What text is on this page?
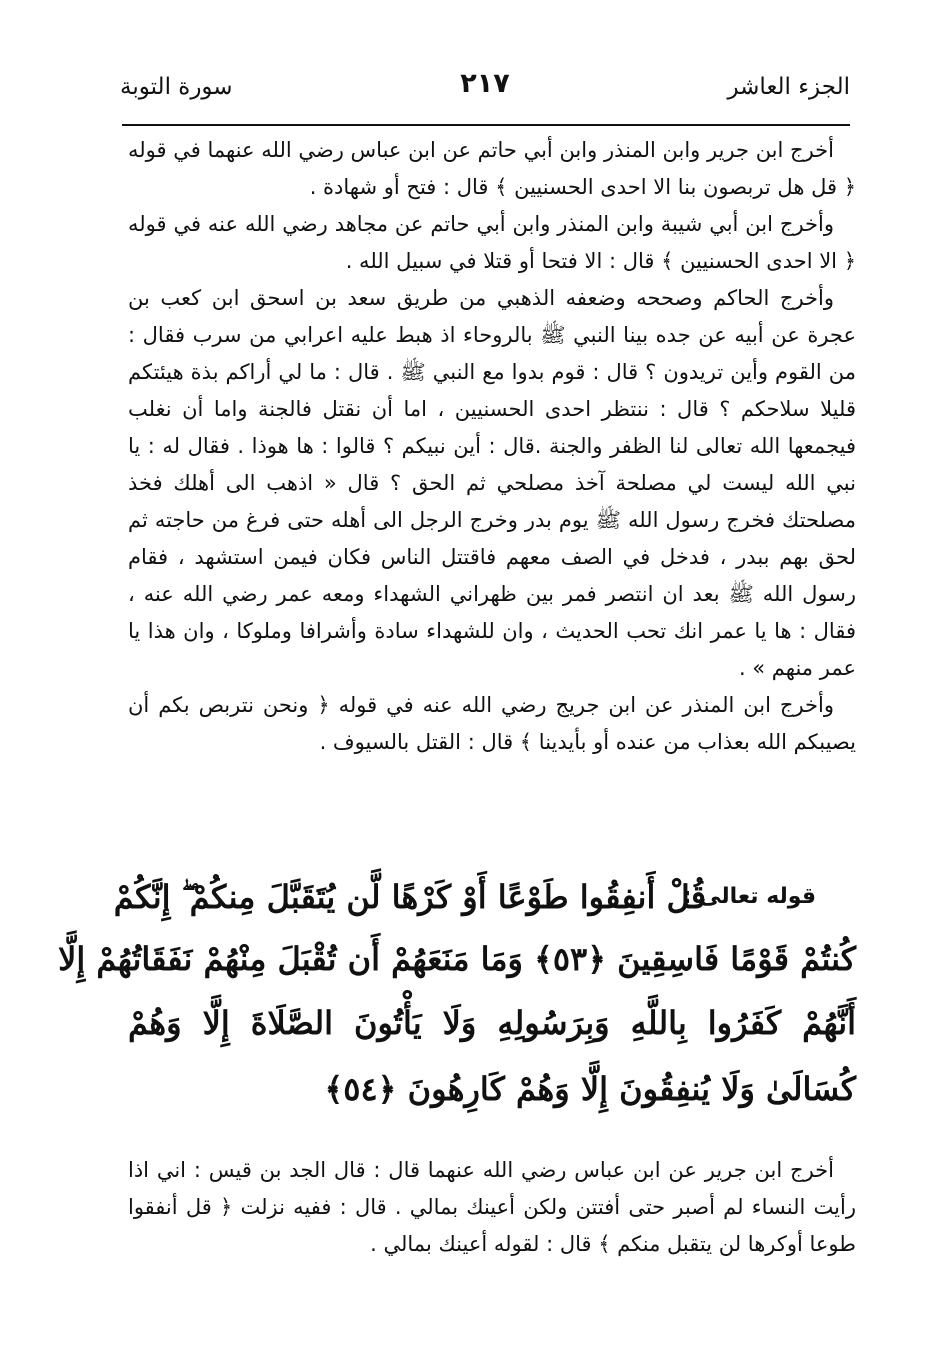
الجزء العاشر
٢١٧
سورة التوبة

أخرج ابن جرير وابن المنذر وابن أبي حاتم عن ابن عباس رضي الله عنهما في قوله ﴿ قل هل تربصون بنا الا احدى الحسنيين ﴾ قال : فتح أو شهادة .

وأخرج ابن أبي شيبة وابن المنذر وابن أبي حاتم عن مجاهد رضي الله عنه في قوله ﴿ الا احدى الحسنيين ﴾ قال : الا فتحا أو قتلا في سبيل الله .

وأخرج الحاكم وصححه وضعفه الذهبي من طريق سعد بن اسحق ابن كعب بن عجرة عن أبيه عن جده بينا النبي ﷺ بالروحاء اذ هبط عليه اعرابي من سرب فقال : من القوم وأين تريدون ؟ قال : قوم بدوا مع النبي ﷺ . قال : ما لي أراكم بذة هيئتكم قليلا سلاحكم ؟ قال : ننتظر احدى الحسنيين ، اما أن نقتل فالجنة واما أن نغلب فيجمعها الله تعالى لنا الظفر والجنة .قال : أين نبيكم ؟ قالوا : ها هوذا . فقال له : يا نبي الله ليست لي مصلحة آخذ مصلحي ثم الحق ؟ قال « اذهب الى أهلك فخذ مصلحتك فخرج رسول الله ﷺ يوم بدر وخرج الرجل الى أهله حتى فرغ من حاجته ثم لحق بهم ببدر ، فدخل في الصف معهم فاقتتل الناس فكان فيمن استشهد ، فقام رسول الله ﷺ بعد ان انتصر فمر بين ظهراني الشهداء ومعه عمر رضي الله عنه ، فقال : ها يا عمر انك تحب الحديث ، وان للشهداء سادة وأشرافا وملوكا ، وان هذا يا عمر منهم » .

وأخرج ابن المنذر عن ابن جريج رضي الله عنه في قوله ﴿ ونحن نتربص بكم أن يصيبكم الله بعذاب من عنده أو بأيدينا ﴾ قال : القتل بالسيوف .

قوله تعالى :
قُلْ أَنفِقُوا طَوْعًا أَوْ كَرْهًا لَّن يُتَقَبَّلَ مِنكُمْ ۖ إِنَّكُمْ
كُنتُمْ قَوْمًا فَاسِقِينَ ﴿٥٣﴾ وَمَا مَنَعَهُمْ أَن تُقْبَلَ مِنْهُمْ نَفَقَاتُهُمْ إِلَّا
أَنَّهُمْ كَفَرُوا بِاللَّهِ وَبِرَسُولِهِ وَلَا يَأْتُونَ الصَّلَاةَ إِلَّا وَهُمْ
كُسَالَىٰ وَلَا يُنفِقُونَ إِلَّا وَهُمْ كَارِهُونَ ﴿٥٤﴾

أخرج ابن جرير عن ابن عباس رضي الله عنهما قال : قال الجد بن قيس : اني اذا رأيت النساء لم أصبر حتى أفتتن ولكن أعينك بمالي . قال : ففيه نزلت ﴿ قل أنفقوا طوعا أوكرها لن يتقبل منكم ﴾ قال : لقوله أعينك بمالي .
